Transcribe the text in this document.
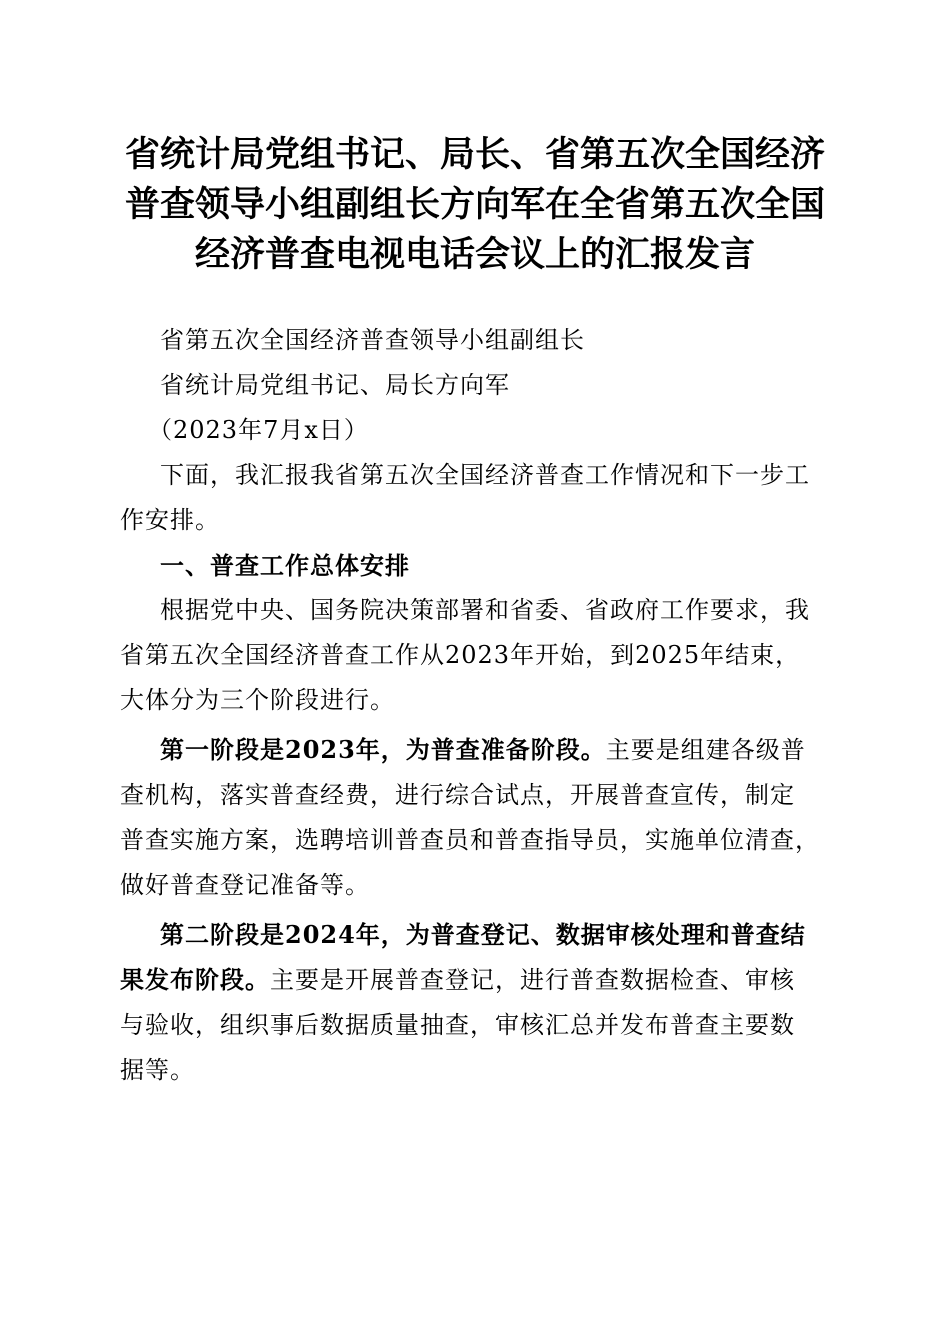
省统计局党组书记、局长、省第五次全国经济
普查领导小组副组长方向军在全省第五次全国
经济普查电视电话会议上的汇报发言

省第五次全国经济普查领导小组副组长

省统计局党组书记、局长方向军

（2023年7月x日）

下面，我汇报我省第五次全国经济普查工作情况和下一步工
作安排。

一、普查工作总体安排

根据党中央、国务院决策部署和省委、省政府工作要求，我
省第五次全国经济普查工作从2023年开始，到2025年结束，
大体分为三个阶段进行。

第一阶段是2023年，为普查准备阶段。主要是组建各级普
查机构，落实普查经费，进行综合试点，开展普查宣传，制定
普查实施方案，选聘培训普查员和普查指导员，实施单位清查，
做好普查登记准备等。

第二阶段是2024年，为普查登记、数据审核处理和普查结
果发布阶段。主要是开展普查登记，进行普查数据检查、审核
与验收，组织事后数据质量抽查，审核汇总并发布普查主要数
据等。
